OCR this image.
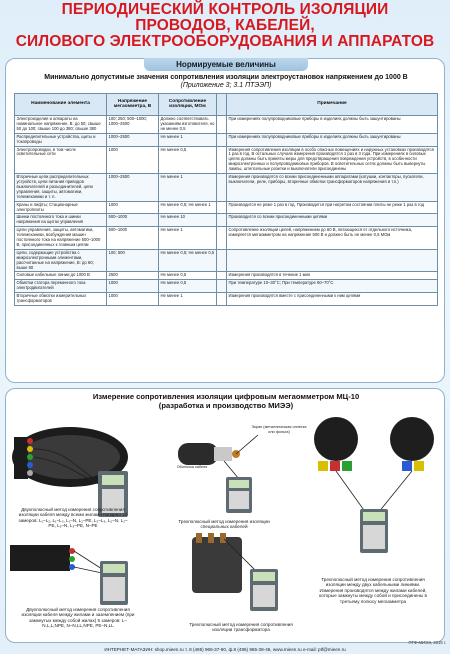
ПЕРИОДИЧЕСКИЙ КОНТРОЛЬ ИЗОЛЯЦИИ
ПРОВОДОВ, КАБЕЛЕЙ,
СИЛОВОГО ЭЛЕКТРООБОРУДОВАНИЯ И АППАРАТОВ
Нормируемые величины
Минимально допустимые значения сопротивления изоляции электроустановок напряжением до 1000 В
(Приложение 3; 3.1 ПТЭЭП)
Наименование элемента	Напряжение мегаомметра, В	Сопротивление изоляции, МОм		Примечание
Электроизделия и аппараты на номинальное напряжение, В: до 50; свыше 50 до 100; свыше 100 до 380; свыше 380	100; 250; 500–1000; 1000–2500	Должно соответствовать указаниям изготовителя, но не менее 0,5		При измерениях полупроводниковые приборы в изделиях должны быть зашунтированы
Распределительные устройства, щиты и токопроводы	1000–2500	Не менее 1		При измерениях полупроводниковые приборы в изделиях должны быть зашунтированы
Электропроводки, в том числе осветительные сети	1000	Не менее 0,5		Измерения сопротивления изоляции в особо опасных помещениях и наружных установках производятся 1 раз в год. В остальных случаях измерения производятся 1 раз в 3 года. При измерениях в силовых цепях должны быть приняты меры для предотвращения повреждения устройств, в особенности микроэлектронных и полупроводниковых приборов. В осветительных сетях должны быть вывернуты лампы, штепсельные розетки и выключатели присоединены
Вторичные цепи распределительных устройств, цепи питания приводов выключателей и разъединителей, цепи управления, защиты, автоматики, телемеханики и т. п.	1000–2500	Не менее 1		Измерения производятся со всеми присоединенными аппаратами (катушки, контакторы, пускатели, выключатели, реле, приборы, вторичные обмотки трансформаторов напряжения и т.п.)
Краны и лифты; Стационарные электроплиты	1000	Не менее 0,5; Не менее 1		Производится не реже 1 раз в год. Производится при нагретом состоянии плиты не реже 1 раз в год
Шинки постоянного тока и шинки напряжения на щитах управления	500–1000	Не менее 10		Производится со всеми присоединенными цепями
Цепи управления, защиты, автоматики, телемеханики, возбуждения машин постоянного тока на напряжение 500–1000 В, присоединенных к главным цепям	500–1000	Не менее 1		Сопротивление изоляции цепей, напряжением до 60 В, питающихся от отдельного источника, измеряется мегаомметром на напряжение 500 В и должно быть не менее 0,5 МОм
Цепи, содержащие устройства с микроэлектронными элементами, рассчитанные на напряжение, В: до 60; выше 60	100; 500	Не менее 0,5; Не менее 0,5		
Силовые кабельные линии до 1000 В	2500	Не менее 0,5		Измерения производятся в течение 1 мин
Обмотки статора переменного тока электродвигателей	1000	Не менее 0,5		При температуре 10–30°С; При температуре 60–70°С
Вторичные обмотки измерительных трансформаторов	1000	Не менее 1		Измерения производятся вместе с присоединенными к ним цепями
Измерение сопротивления изоляции цифровым мегаомметром МЦ-10
(разработка и производство МИЭЭ)
Экран (металлическая оплетка или фольга)
Оболочка кабеля
Двухполюсный метод измерения сопротивления изоляции кабеля между всеми жилами попарно 10 замеров: L₁–L₂, L₁–L₃, L₁–N, L₁–PE, L₂–L₃, L₂–N, L₂–PE, L₃–N, L₃–PE, N–PE
Трехполюсный метод измерения изоляции специальных кабелей
Трехполюсный метод измерения сопротивления изоляции между двух кабельными линиями. Измерения производятся между жилами кабелей, которые замкнуты между собой и присоединены в третьему полюсу мегаомметра
Двухполюсный метод измерения сопротивления изоляции кабеля между жилами и заземлением (при замкнутых между собой жилах) 5 замеров: L–N,L,L,NPE, N–N,LL,NPE, PE–N,LL	Трехполюсный метод измерения сопротивления изоляции трансформатора
ПТФ-МИЭЭ, 2015 г.
ИНТЕРНЕТ-МАГАЗИН: shop.mieen.ru т. 8 (495) 965-37-90, ф.8 (495) 965-38-46, www.mieen.ru e-mail: ptf@mieen.ru
